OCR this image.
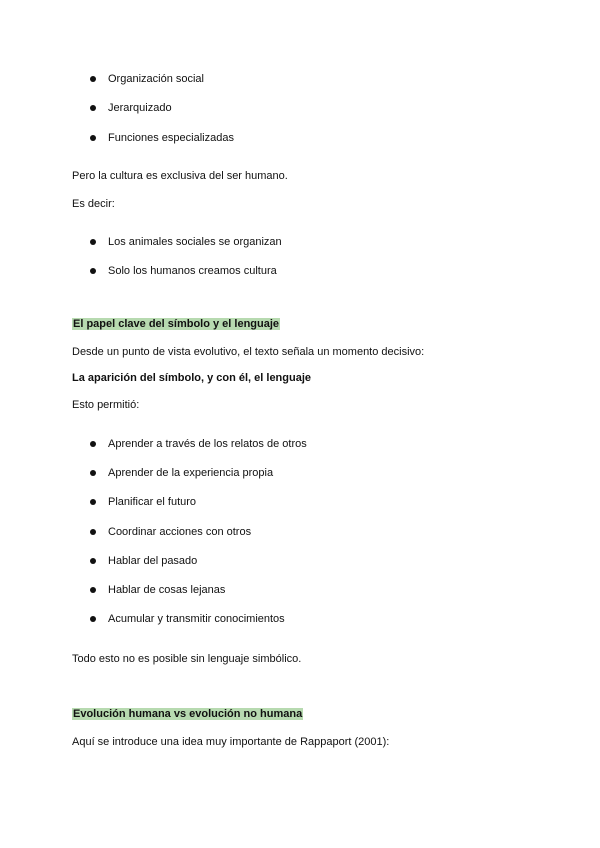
Organización social
Jerarquizado
Funciones especializadas
Pero la cultura es exclusiva del ser humano.
Es decir:
Los animales sociales se organizan
Solo los humanos creamos cultura
El papel clave del símbolo y el lenguaje
Desde un punto de vista evolutivo, el texto señala un momento decisivo:
La aparición del símbolo, y con él, el lenguaje
Esto permitió:
Aprender a través de los relatos de otros
Aprender de la experiencia propia
Planificar el futuro
Coordinar acciones con otros
Hablar del pasado
Hablar de cosas lejanas
Acumular y transmitir conocimientos
Todo esto no es posible sin lenguaje simbólico.
Evolución humana vs evolución no humana
Aquí se introduce una idea muy importante de Rappaport (2001):
